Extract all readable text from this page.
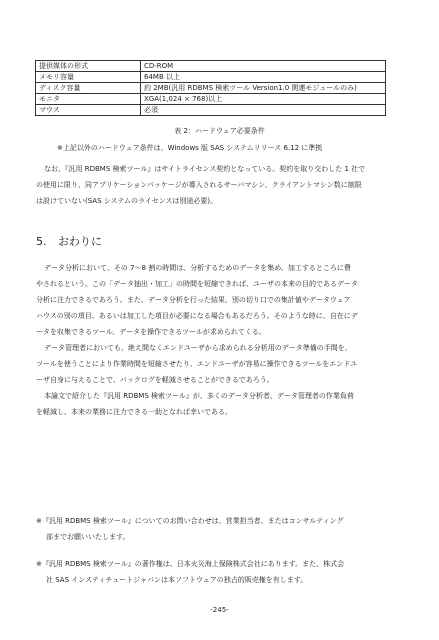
提供媒体の形式	CD-ROM
メモリ容量	64MB 以上
ディスク容量	約 2MB(汎用 RDBMS 検索ツール Version1.0 関連モジュールのみ)
モニタ	XGA(1,024 × 768)以上
マウス	必須
表 2：ハードウェア必要条件
※上記以外のハードウェア条件は、Windows 版 SAS システムリリース 6.12 に準拠
なお、『汎用 RDBMS 検索ツール』はサイトライセンス契約となっている。契約を取り交わした 1 社で
の使用に限り、同アプリケーションパッケージが導入されるサーバマシン、クライアントマシン数に制限
は設けていない(SAS システムのライセンスは別途必要)。
5. おわりに
データ分析において、その 7～8 割の時間は、分析するためのデータを集め、加工するところに費
やされるという。この「データ抽出・加工」の時間を短縮できれば、ユーザの本来の目的であるデータ
分析に注力できるであろう。また、データ分析を行った結果、別の切り口での集計値やデータウェア
ハウスの別の項目、あるいは加工した項目が必要になる場合もあるだろう。そのような時に、自在にデ
ータを収集できるツール、データを操作できるツールが求められてくる。
データ管理者においても、絶え間なくエンドユーザから求められる分析用のデータ準備の手間を、
ツールを使うことにより作業時間を短縮させたり、エンドユーザが容易に操作できるツールをエンドユ
ーザ自身に与えることで、バックログを軽減させることができるであろう。
本論文で紹介した『汎用 RDBMS 検索ツール』が、多くのデータ分析者、データ管理者の作業負荷
を軽減し、本来の業務に注力できる一助となれば幸いである。
※『汎用 RDBMS 検索ツール』についてのお問い合わせは、営業担当者、またはコンサルティング
部までお願いいたします。
※『汎用 RDBMS 検索ツール』の著作権は、日本火災海上保険株式会社にあります。また、株式会
社 SAS インスティチュートジャパンは本ソフトウェアの独占的販売権を有します。
-245-
